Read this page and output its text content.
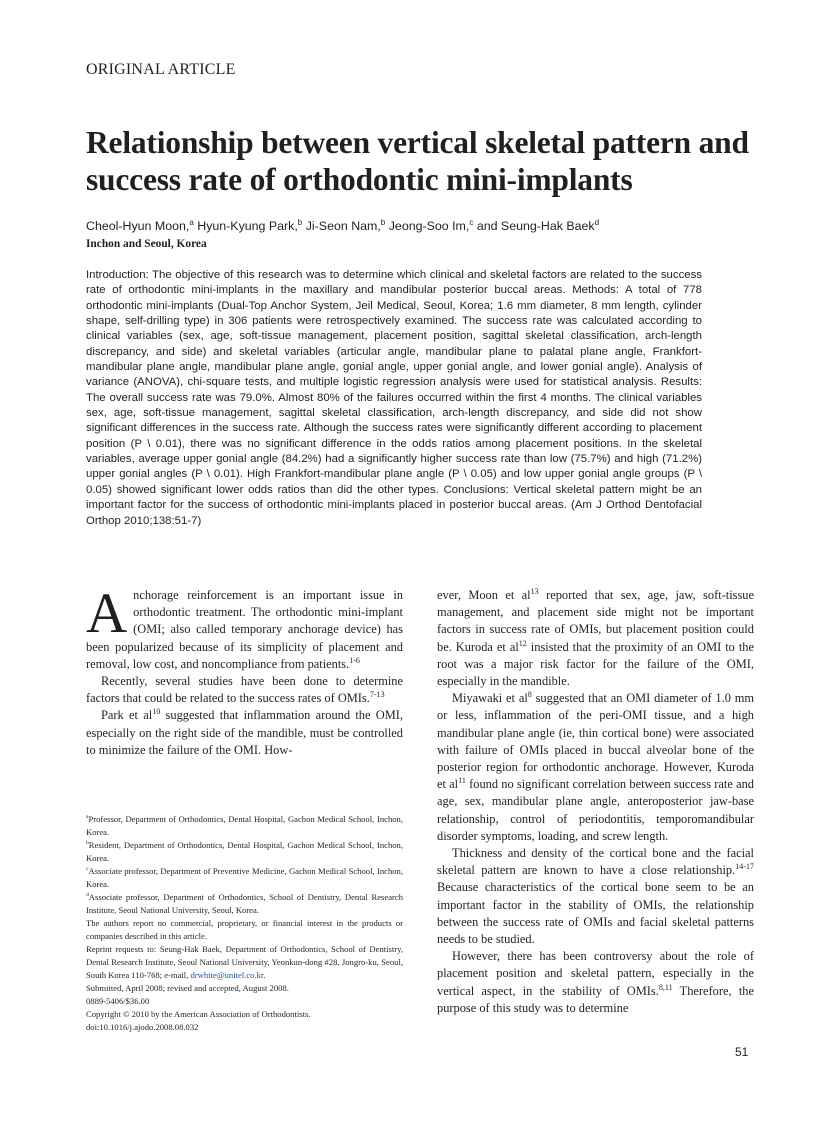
ORIGINAL ARTICLE
Relationship between vertical skeletal pattern and success rate of orthodontic mini-implants
Cheol-Hyun Moon,$^a$ Hyun-Kyung Park,$^b$ Ji-Seon Nam,$^b$ Jeong-Soo Im,$^c$ and Seung-Hak Baek$^d$
Inchon and Seoul, Korea

Introduction: The objective of this research was to determine which clinical and skeletal factors are related to the success rate of orthodontic mini-implants in the maxillary and mandibular posterior buccal areas. Methods: A total of 778 orthodontic mini-implants (Dual-Top Anchor System, Jeil Medical, Seoul, Korea; 1.6 mm diameter, 8 mm length, cylinder shape, self-drilling type) in 306 patients were retrospectively examined. The success rate was calculated according to clinical variables (sex, age, soft-tissue management, placement position, sagittal skeletal classification, arch-length discrepancy, and side) and skeletal variables (articular angle, mandibular plane to palatal plane angle, Frankfort-mandibular plane angle, mandibular plane angle, gonial angle, upper gonial angle, and lower gonial angle). Analysis of variance (ANOVA), chi-square tests, and multiple logistic regression analysis were used for statistical analysis. Results: The overall success rate was 79.0%. Almost 80% of the failures occurred within the first 4 months. The clinical variables sex, age, soft-tissue management, sagittal skeletal classification, arch-length discrepancy, and side did not show significant differences in the success rate. Although the success rates were significantly different according to placement position (P \ 0.01), there was no significant difference in the odds ratios among placement positions. In the skeletal variables, average upper gonial angle (84.2%) had a significantly higher success rate than low (75.7%) and high (71.2%) upper gonial angles (P \ 0.01). High Frankfort-mandibular plane angle (P \ 0.05) and low upper gonial angle groups (P \ 0.05) showed significant lower odds ratios than did the other types. Conclusions: Vertical skeletal pattern might be an important factor for the success of orthodontic mini-implants placed in posterior buccal areas. (Am J Orthod Dentofacial Orthop 2010;138:51-7)

Anchorage reinforcement is an important issue in orthodontic treatment. The orthodontic mini-implant (OMI; also called temporary anchorage device) has been popularized because of its simplicity of placement and removal, low cost, and noncompliance from patients.$^{1-6}$

Recently, several studies have been done to determine factors that could be related to the success rates of OMIs.$^{7-13}$

Park et $al^{10}$ suggested that inflammation around the OMI, especially on the right side of the mandible, must be controlled to minimize the failure of the OMI. How-

ever, Moon et $al^{13}$ reported that sex, age, jaw, soft-tissue management, and placement side might not be important factors in success rate of OMIs, but placement position could be. Kuroda et $al^{12}$ insisted that the proximity of an OMI to the root was a major risk factor for the failure of the OMI, especially in the mandible.

Miyawaki et $al^8$ suggested that an OMI diameter of 1.0 mm or less, inflammation of the peri-OMI tissue, and a high mandibular plane angle (ie, thin cortical bone) were associated with failure of OMIs placed in buccal alveolar bone of the posterior region for orthodontic anchorage. However, Kuroda et $al^{11}$ found no significant correlation between success rate and age, sex, mandibular plane angle, anteroposterior jaw-base relationship, control of periodontitis, temporomandibular disorder symptoms, loading, and screw length.

Thickness and density of the cortical bone and the facial skeletal pattern are known to have a close relationship.$^{14-17}$ Because characteristics of the cortical bone seem to be an important factor in the stability of OMIs, the relationship between the success rate of OMIs and facial skeletal patterns needs to be studied.

However, there has been controversy about the role of placement position and skeletal pattern, especially in the vertical aspect, in the stability of OMIs.$^{8,11}$ Therefore, the purpose of this study was to determine

$^a$Professor, Department of Orthodontics, Dental Hospital, Gachon Medical School, Inchon, Korea.
$^b$Resident, Department of Orthodontics, Dental Hospital, Gachon Medical School, Inchon, Korea.
$^c$Associate professor, Department of Preventive Medicine, Gachon Medical School, Inchon, Korea.
$^d$Associate professor, Department of Orthodontics, School of Dentistry, Dental Research Institute, Seoul National University, Seoul, Korea.
The authors report no commercial, proprietary, or financial interest in the products or companies described in this article.
Reprint requests to: Seung-Hak Baek, Department of Orthodontics, School of Dentistry, Dental Research Institute, Seoul National University, Yeonkun-dong #28, Jongro-ku, Seoul, South Korea 110-768; e-mail, drwhite@unitel.co.kr.
Submitted, April 2008; revised and accepted, August 2008.
0889-5406/$36.00
Copyright © 2010 by the American Association of Orthodontists.
doi:10.1016/j.ajodo.2008.08.032
51
